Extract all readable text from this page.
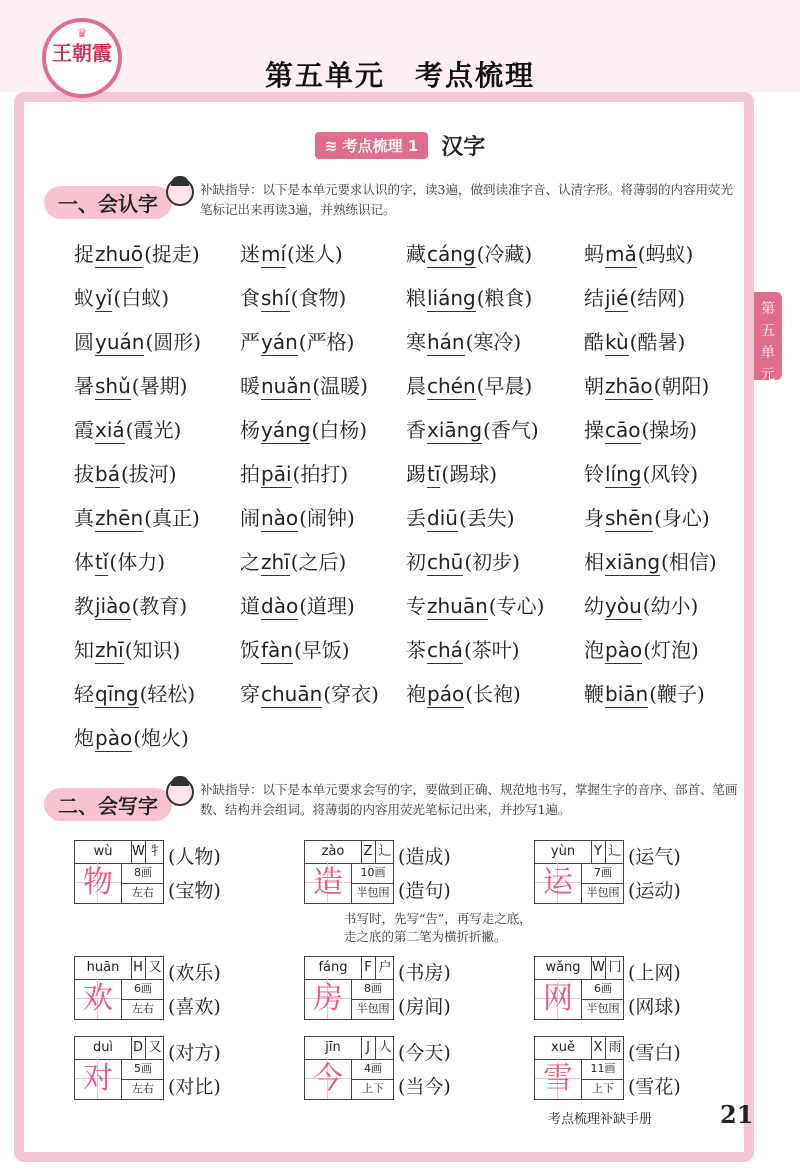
♛
王朝霞
第五单元　考点梳理
第
五
单
元
≋ 考点梳理 1 汉字
一、会认字
补缺指导：以下是本单元要求认识的字，读3遍，做到读准字音、认清字形。将薄弱的内容用荧光笔标记出来再读3遍，并熟练识记。
捉zhuō(捉走)	迷mí(迷人)	藏cáng(冷藏)	蚂mǎ(蚂蚁)
蚁yǐ(白蚁)	食shí(食物)	粮liáng(粮食)	结jié(结网)
圆yuán(圆形)	严yán(严格)	寒hán(寒冷)	酷kù(酷暑)
暑shǔ(暑期)	暖nuǎn(温暖)	晨chén(早晨)	朝zhāo(朝阳)
霞xiá(霞光)	杨yáng(白杨)	香xiāng(香气)	操cāo(操场)
拔bá(拔河)	拍pāi(拍打)	踢tī(踢球)	铃líng(风铃)
真zhēn(真正)	闹nào(闹钟)	丢diū(丢失)	身shēn(身心)
体tǐ(体力)	之zhī(之后)	初chū(初步)	相xiāng(相信)
教jiào(教育)	道dào(道理)	专zhuān(专心)	幼yòu(幼小)
知zhī(知识)	饭fàn(早饭)	茶chá(茶叶)	泡pào(灯泡)
轻qīng(轻松)	穿chuān(穿衣)	袍páo(长袍)	鞭biān(鞭子)
炮pào(炮火)
二、会写字
补缺指导：以下是本单元要求会写的字，要做到正确、规范地书写，掌握生字的音序、部首、笔画数、结构并会组词。将薄弱的内容用荧光笔标记出来，并抄写1遍。
wù	W 牜
物	8画
左右
(人物)
(宝物)
zào	Z 辶
造	10画
半包围
(造成)
(造句)
yùn	Y 辶
运	7画
半包围
(运气)
(运动)
huān	H 又
欢	6画
左右
(欢乐)
(喜欢)
fáng	F 户
房	8画
半包围
(书房)
(房间)
wǎng W 冂
网	6画
半包围
(上网)
(网球)
duì	D 又
对	5画
左右
(对方)
(对比)
jīn	J 人
今	4画
上下
(今天)
(当今)
xuě	X 雨
雪	11画
上下
(雪白)
(雪花)
书写时，先写“告”，再写走之底，
走之底的第二笔为横折折撇。
考点梳理补缺手册	21
